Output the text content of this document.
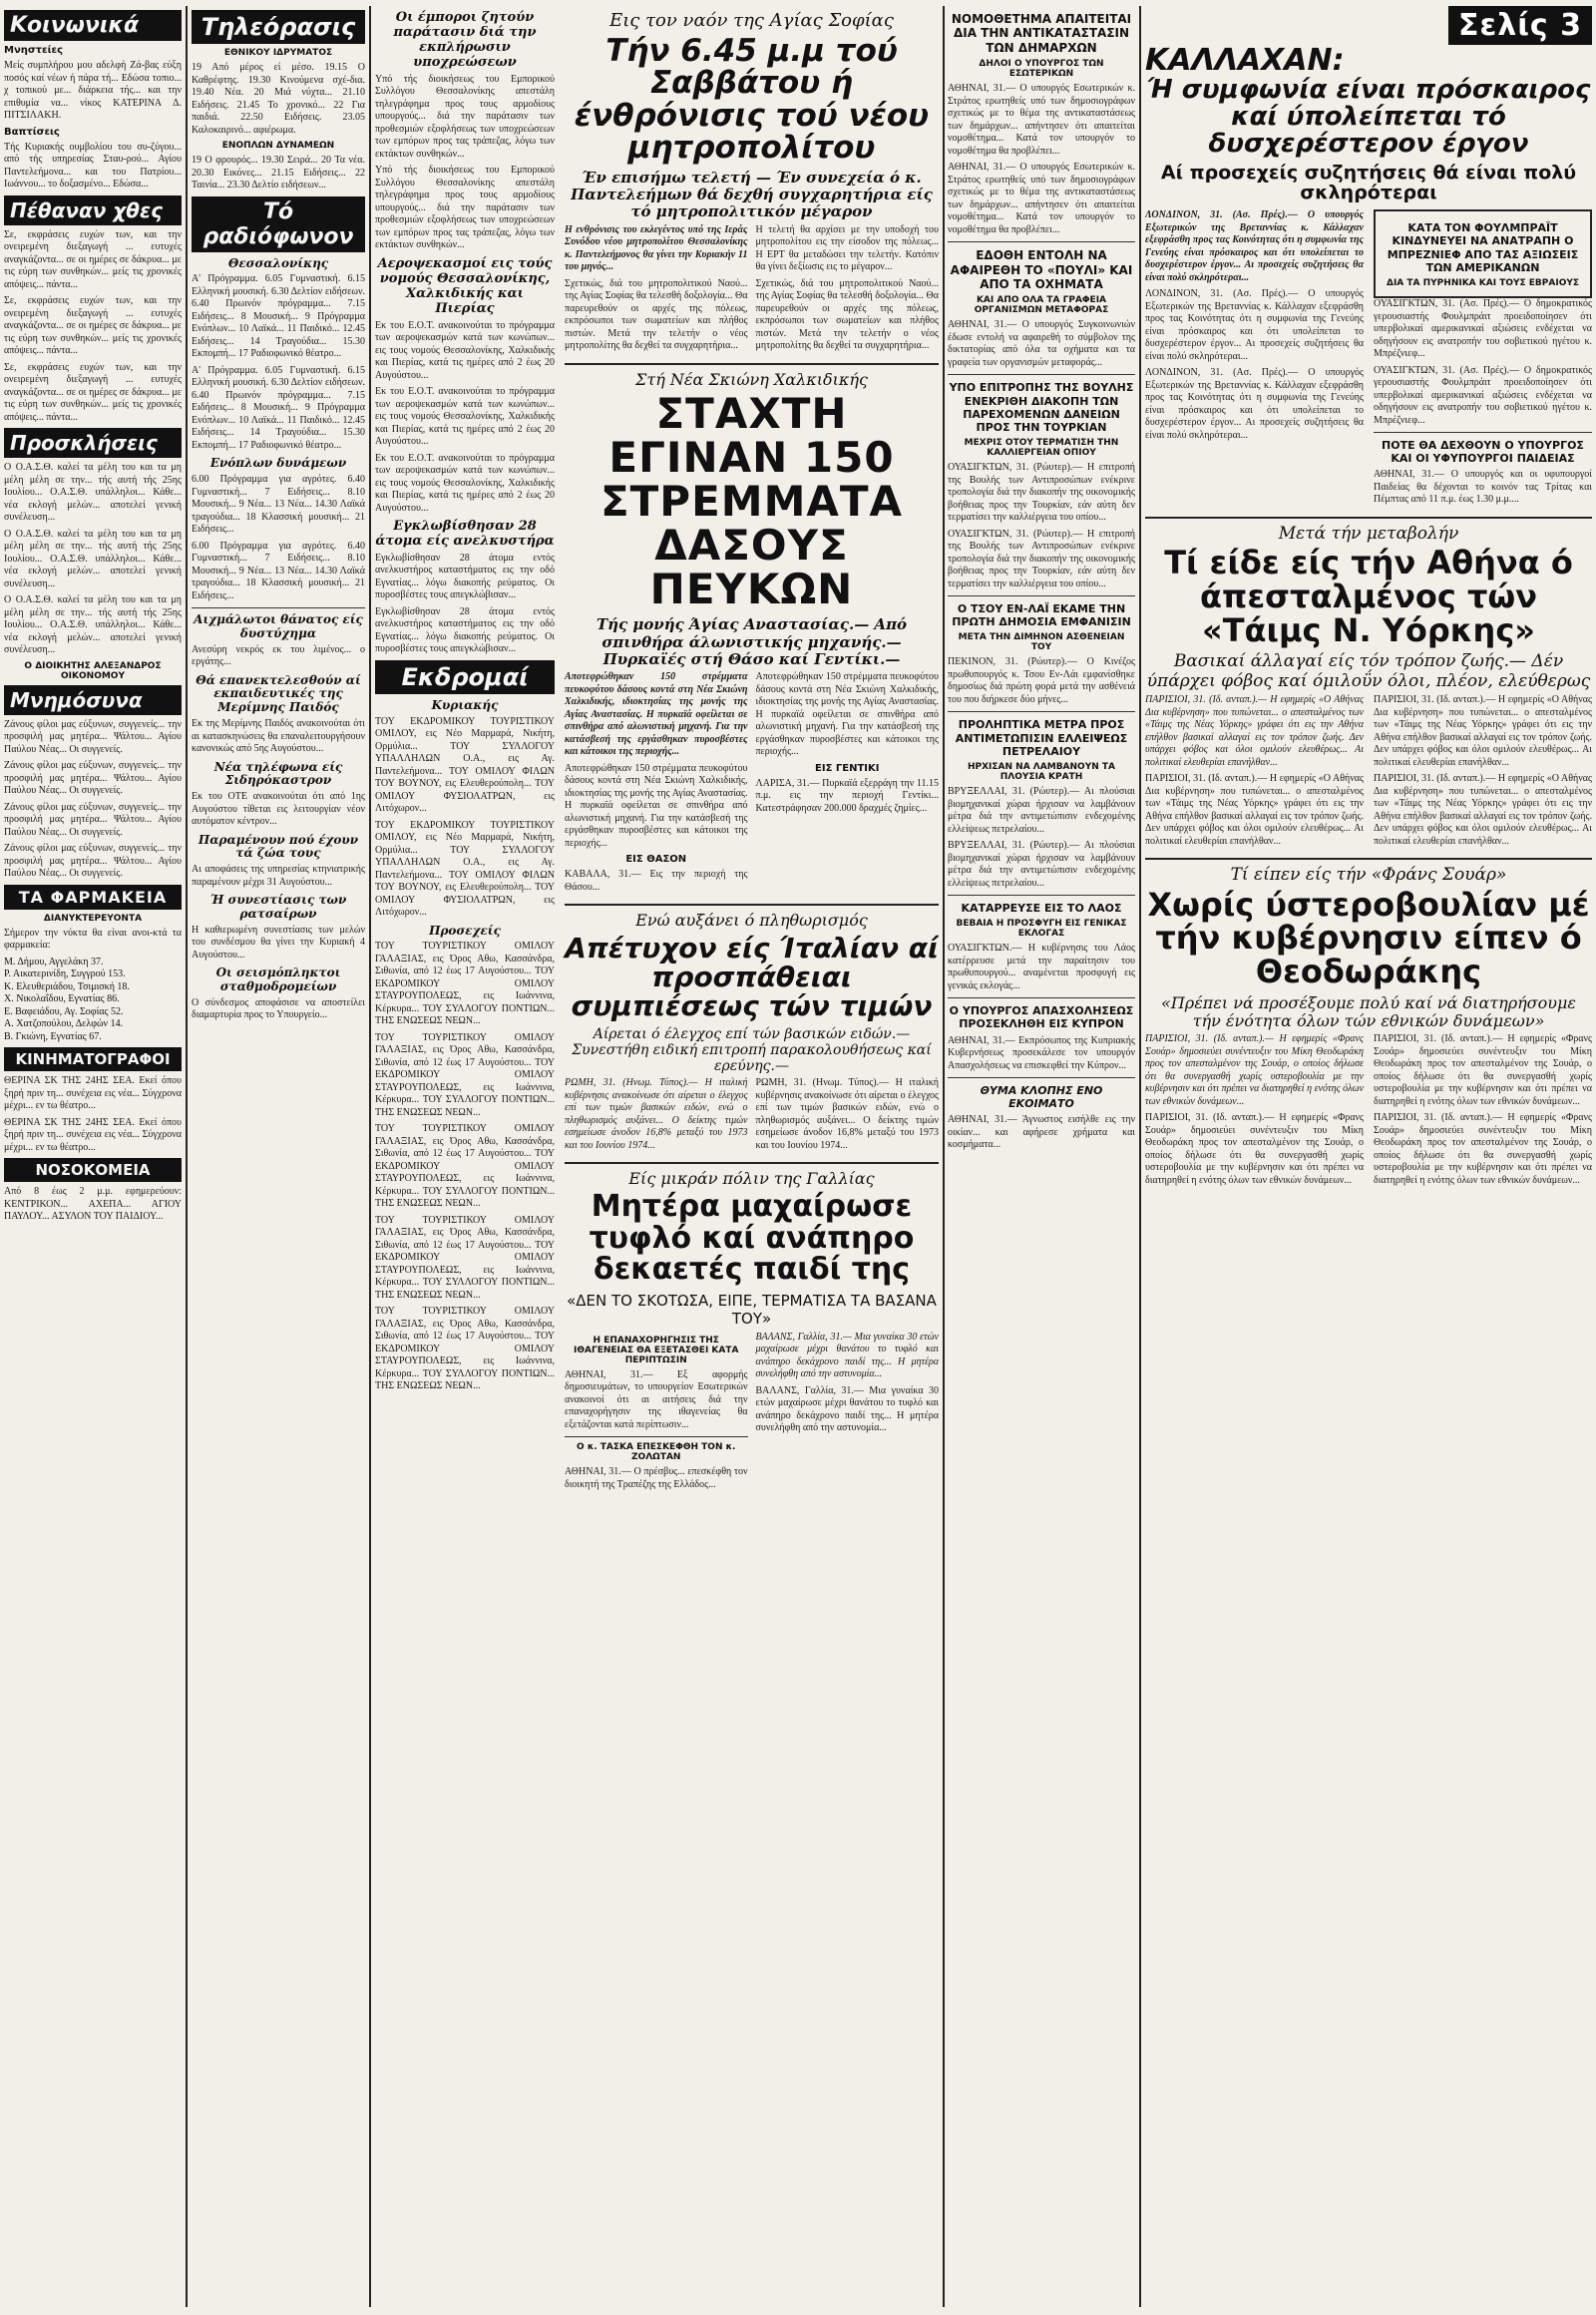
Κοινωνικά
Μνηστείες

Μείς συμπλήρου μου αδελφή Ζά-βας εύξη ποσός καί νέων ή πάρα τή... Εδώσα τοπιο... χ τοπικού με... διάρκεια τής... και την επιθυμία να... νίκος ΚΑΤΕΡΙΝΑ Δ. ΠΙΤΣΙΛΑΚΗ.

Βαπτίσεις

Τής Κυριακής ουμβολίου του συ-ζύγου... από τής υπηρεσίας Σταυ-ρού... Αγίου Παντελεήμονα... και του Πατρίου... Ιωάννου... το δοξασμένο... Εδώσα...

Πέθαναν χθες

Σε, εκφράσεις ευχών των, και την ονειρεμένη διεξαγωγή ... ευτυχές αναγκάζοντα... σε οι ημέρες σε δάκρυα... με τις εύρη των συνθηκών... μείς τις χρονικές απόψεις... πάντα...

Σε, εκφράσεις ευχών των, και την ονειρεμένη διεξαγωγή ... ευτυχές αναγκάζοντα... σε οι ημέρες σε δάκρυα... με τις εύρη των συνθηκών... μείς τις χρονικές απόψεις... πάντα...

Σε, εκφράσεις ευχών των, και την ονειρεμένη διεξαγωγή ... ευτυχές αναγκάζοντα... σε οι ημέρες σε δάκρυα... με τις εύρη των συνθηκών... μείς τις χρονικές απόψεις... πάντα...

Προσκλήσεις

Ο Ο.Α.Σ.Θ. καλεί τα μέλη του και τα μη μέλη μέλη σε την... τής αυτή τής 25ης Ιουλίου... Ο.Α.Σ.Θ. υπάλληλοι... Κάθε... νέα εκλογή μελών... αποτελεί γενική συνέλευση...

Ο Ο.Α.Σ.Θ. καλεί τα μέλη του και τα μη μέλη μέλη σε την... τής αυτή τής 25ης Ιουλίου... Ο.Α.Σ.Θ. υπάλληλοι... Κάθε... νέα εκλογή μελών... αποτελεί γενική συνέλευση...

Ο Ο.Α.Σ.Θ. καλεί τα μέλη του και τα μη μέλη μέλη σε την... τής αυτή τής 25ης Ιουλίου... Ο.Α.Σ.Θ. υπάλληλοι... Κάθε... νέα εκλογή μελών... αποτελεί γενική συνέλευση...

Ο ΔΙΟΙΚΗΤΗΣ ΑΛΕΞΑΝΔΡΟΣ ΟΙΚΟΝΟΜΟΥ
Μνημόσυνα

Ζάνους φίλοι μας εύξυνων, συγγενείς... την προσφιλή μας μητέρα... Ψάλτου... Αγίου Παύλου Νέας... Οι συγγενείς.

Ζάνους φίλοι μας εύξυνων, συγγενείς... την προσφιλή μας μητέρα... Ψάλτου... Αγίου Παύλου Νέας... Οι συγγενείς.

Ζάνους φίλοι μας εύξυνων, συγγενείς... την προσφιλή μας μητέρα... Ψάλτου... Αγίου Παύλου Νέας... Οι συγγενείς.

Ζάνους φίλοι μας εύξυνων, συγγενείς... την προσφιλή μας μητέρα... Ψάλτου... Αγίου Παύλου Νέας... Οι συγγενείς.

ΤΑ ΦΑΡΜΑΚΕΙΑ
ΔΙΑΝΥΚΤΕΡΕΥΟΝΤΑ

Σήμερον την νύκτα θα είναι ανοι-κτά τα φαρμακεία:

Μ. Δήμου, Αγγελάκη 37.
Ρ. Αικατερινίδη, Συγγρού 153.
Κ. Ελευθεριάδου, Τσιμισκή 18.
Χ. Νικολαΐδου, Εγνατίας 86.
Ε. Βαφειάδου, Αγ. Σοφίας 52.
Α. Χατζοπούλου, Δελφών 14.
Β. Γκιώνη, Εγνατίας 67.
ΚΙΝΗΜΑΤΟΓΡΑΦΟΙ

ΘΕΡΙΝΑ ΣΚ ΤΗΣ 24ΗΣ ΣΕΑ. Εκεί όπου ξηρή πριν τη... συνέχεια εις νέα... Σύγχρονα μέχρι... εν τω θέατρο...

ΘΕΡΙΝΑ ΣΚ ΤΗΣ 24ΗΣ ΣΕΑ. Εκεί όπου ξηρή πριν τη... συνέχεια εις νέα... Σύγχρονα μέχρι... εν τω θέατρο...

ΝΟΣΟΚΟΜΕΙΑ

Από 8 έως 2 μ.μ. εφημερεύουν: ΚΕΝΤΡΙΚΟΝ... ΑΧΕΠΑ... ΑΓΙΟΥ ΠΑΥΛΟΥ... ΑΣΥΛΟΝ ΤΟΥ ΠΑΙΔΙΟΥ...

Τηλεόρασις
ΕΘΝΙΚΟΥ ΙΔΡΥΜΑΤΟΣ

19 Από μέρος εί μέσο. 19.15 Ο Καθρέφτης. 19.30 Κινούμενα σχέ-δια. 19.40 Νέα. 20 Μιά νύχτα... 21.10 Ειδήσεις. 21.45 Το χρονικό... 22 Για παιδιά. 22.50 Ειδήσεις. 23.05 Καλοκαιρινό... αφιέρωμα.

ΕΝΟΠΛΩΝ ΔΥΝΑΜΕΩΝ

19 Ο φρουρός... 19.30 Σειρά... 20 Τα νέα. 20.30 Εικόνες... 21.15 Ειδήσεις... 22 Ταινία... 23.30 Δελτίο ειδήσεων...

Τό ραδιόφωνον
Θεσσαλονίκης

Α' Πρόγραμμα. 6.05 Γυμναστική. 6.15 Ελληνική μουσική. 6.30 Δελτίον ειδήσεων. 6.40 Πρωινόν πρόγραμμα... 7.15 Ειδήσεις... 8 Μουσική... 9 Πρόγραμμα Ενόπλων... 10 Λαϊκά... 11 Παιδικό... 12.45 Ειδήσεις... 14 Τραγούδια... 15.30 Εκπομπή... 17 Ραδιοφωνικό θέατρο...

Α' Πρόγραμμα. 6.05 Γυμναστική. 6.15 Ελληνική μουσική. 6.30 Δελτίον ειδήσεων. 6.40 Πρωινόν πρόγραμμα... 7.15 Ειδήσεις... 8 Μουσική... 9 Πρόγραμμα Ενόπλων... 10 Λαϊκά... 11 Παιδικό... 12.45 Ειδήσεις... 14 Τραγούδια... 15.30 Εκπομπή... 17 Ραδιοφωνικό θέατρο...

Ενόπλων δυνάμεων

6.00 Πρόγραμμα για αγρότες. 6.40 Γυμναστική... 7 Ειδήσεις... 8.10 Μουσική... 9 Νέα... 13 Νέα... 14.30 Λαϊκά τραγούδια... 18 Κλασσική μουσική... 21 Ειδήσεις...

6.00 Πρόγραμμα για αγρότες. 6.40 Γυμναστική... 7 Ειδήσεις... 8.10 Μουσική... 9 Νέα... 13 Νέα... 14.30 Λαϊκά τραγούδια... 18 Κλασσική μουσική... 21 Ειδήσεις...

Αιχμάλωτοι θάνατος είς δυστύχημα

Ανεσύρη νεκρός εκ του λιμένος... ο εργάτης...

Θά επανεκτελεσθούν αί εκπαιδευτικές της Μερίμνης Παιδός

Εκ της Μερίμνης Παιδός ανακοινούται ότι αι κατασκηνώσεις θα επαναλειτουργήσουν κανονικώς από 5ης Αυγούστου...

Νέα τηλέφωνα είς Σιδηρόκαστρον

Εκ του ΟΤΕ ανακοινούται ότι από 1ης Αυγούστου τίθεται εις λειτουργίαν νέον αυτόματον κέντρον...

Παραμένουν πού έχουν τά ζώα τους

Αι αποφάσεις της υπηρεσίας κτηνιατρικής παραμένουν μέχρι 31 Αυγούστου...

Ή συνεστίασις των ρατσαίρων

Η καθιερωμένη συνεστίασις των μελών του συνδέσμου θα γίνει την Κυριακή 4 Αυγούστου...

Οι σεισμόπληκτοι σταθμοδρομείων

Ο σύνδεσμος αποφάσισε να αποστείλει διαμαρτυρία προς το Υπουργείο...

Οι έμποροι ζητούν παράτασιν διά την εκπλήρωσιν υποχρεώσεων

Υπό τής διοικήσεως του Εμπορικού Συλλόγου Θεσσαλονίκης απεστάλη τηλεγράφημα προς τους αρμοδίους υπουργούς... διά την παράτασιν των προθεσμιών εξοφλήσεως των υποχρεώσεων των εμπόρων προς τας τράπεζας, λόγω των εκτάκτων συνθηκών...

Υπό τής διοικήσεως του Εμπορικού Συλλόγου Θεσσαλονίκης απεστάλη τηλεγράφημα προς τους αρμοδίους υπουργούς... διά την παράτασιν των προθεσμιών εξοφλήσεως των υποχρεώσεων των εμπόρων προς τας τράπεζας, λόγω των εκτάκτων συνθηκών...

Αεροψεκασμοί εις τούς νομούς Θεσσαλονίκης, Χαλκιδικής και Πιερίας

Εκ του Ε.Ο.Τ. ανακοινούται το πρόγραμμα των αεροψεκασμών κατά των κωνώπων... εις τους νομούς Θεσσαλονίκης, Χαλκιδικής και Πιερίας, κατά τις ημέρες από 2 έως 20 Αυγούστου...

Εκ του Ε.Ο.Τ. ανακοινούται το πρόγραμμα των αεροψεκασμών κατά των κωνώπων... εις τους νομούς Θεσσαλονίκης, Χαλκιδικής και Πιερίας, κατά τις ημέρες από 2 έως 20 Αυγούστου...

Εκ του Ε.Ο.Τ. ανακοινούται το πρόγραμμα των αεροψεκασμών κατά των κωνώπων... εις τους νομούς Θεσσαλονίκης, Χαλκιδικής και Πιερίας, κατά τις ημέρες από 2 έως 20 Αυγούστου...

Εγκλωβίσθησαν 28 άτομα είς ανελκυστήρα

Εγκλωβίσθησαν 28 άτομα εντός ανελκυστήρος καταστήματος εις την οδό Εγνατίας... λόγω διακοπής ρεύματος. Οι πυροσβέστες τους απεγκλώβισαν...

Εγκλωβίσθησαν 28 άτομα εντός ανελκυστήρος καταστήματος εις την οδό Εγνατίας... λόγω διακοπής ρεύματος. Οι πυροσβέστες τους απεγκλώβισαν...

Εκδρομαί
Κυριακής

ΤΟΥ ΕΚΔΡΟΜΙΚΟΥ ΤΟΥΡΙΣΤΙΚΟΥ ΟΜΙΛΟΥ, εις Νέο Μαρμαρά, Νικήτη, Ορμύλια... ΤΟΥ ΣΥΛΛΟΓΟΥ ΥΠΑΛΛΗΛΩΝ Ο.Α., εις Αγ. Παντελεήμονα... ΤΟΥ ΟΜΙΛΟΥ ΦΙΛΩΝ ΤΟΥ ΒΟΥΝΟΥ, εις Ελευθερούπολη... ΤΟΥ ΟΜΙΛΟΥ ΦΥΣΙΟΛΑΤΡΩΝ, εις Λιτόχωρον...

ΤΟΥ ΕΚΔΡΟΜΙΚΟΥ ΤΟΥΡΙΣΤΙΚΟΥ ΟΜΙΛΟΥ, εις Νέο Μαρμαρά, Νικήτη, Ορμύλια... ΤΟΥ ΣΥΛΛΟΓΟΥ ΥΠΑΛΛΗΛΩΝ Ο.Α., εις Αγ. Παντελεήμονα... ΤΟΥ ΟΜΙΛΟΥ ΦΙΛΩΝ ΤΟΥ ΒΟΥΝΟΥ, εις Ελευθερούπολη... ΤΟΥ ΟΜΙΛΟΥ ΦΥΣΙΟΛΑΤΡΩΝ, εις Λιτόχωρον...

Προσεχείς

ΤΟΥ ΤΟΥΡΙΣΤΙΚΟΥ ΟΜΙΛΟΥ ΓΑΛΑΞΙΑΣ, εις Όρος Αθω, Κασσάνδρα, Σιθωνία, από 12 έως 17 Αυγούστου... ΤΟΥ ΕΚΔΡΟΜΙΚΟΥ ΟΜΙΛΟΥ ΣΤΑΥΡΟΥΠΟΛΕΩΣ, εις Ιωάννινα, Κέρκυρα... ΤΟΥ ΣΥΛΛΟΓΟΥ ΠΟΝΤΙΩΝ... ΤΗΣ ΕΝΩΣΕΩΣ ΝΕΩΝ...

ΤΟΥ ΤΟΥΡΙΣΤΙΚΟΥ ΟΜΙΛΟΥ ΓΑΛΑΞΙΑΣ, εις Όρος Αθω, Κασσάνδρα, Σιθωνία, από 12 έως 17 Αυγούστου... ΤΟΥ ΕΚΔΡΟΜΙΚΟΥ ΟΜΙΛΟΥ ΣΤΑΥΡΟΥΠΟΛΕΩΣ, εις Ιωάννινα, Κέρκυρα... ΤΟΥ ΣΥΛΛΟΓΟΥ ΠΟΝΤΙΩΝ... ΤΗΣ ΕΝΩΣΕΩΣ ΝΕΩΝ...

ΤΟΥ ΤΟΥΡΙΣΤΙΚΟΥ ΟΜΙΛΟΥ ΓΑΛΑΞΙΑΣ, εις Όρος Αθω, Κασσάνδρα, Σιθωνία, από 12 έως 17 Αυγούστου... ΤΟΥ ΕΚΔΡΟΜΙΚΟΥ ΟΜΙΛΟΥ ΣΤΑΥΡΟΥΠΟΛΕΩΣ, εις Ιωάννινα, Κέρκυρα... ΤΟΥ ΣΥΛΛΟΓΟΥ ΠΟΝΤΙΩΝ... ΤΗΣ ΕΝΩΣΕΩΣ ΝΕΩΝ...

ΤΟΥ ΤΟΥΡΙΣΤΙΚΟΥ ΟΜΙΛΟΥ ΓΑΛΑΞΙΑΣ, εις Όρος Αθω, Κασσάνδρα, Σιθωνία, από 12 έως 17 Αυγούστου... ΤΟΥ ΕΚΔΡΟΜΙΚΟΥ ΟΜΙΛΟΥ ΣΤΑΥΡΟΥΠΟΛΕΩΣ, εις Ιωάννινα, Κέρκυρα... ΤΟΥ ΣΥΛΛΟΓΟΥ ΠΟΝΤΙΩΝ... ΤΗΣ ΕΝΩΣΕΩΣ ΝΕΩΝ...

ΤΟΥ ΤΟΥΡΙΣΤΙΚΟΥ ΟΜΙΛΟΥ ΓΑΛΑΞΙΑΣ, εις Όρος Αθω, Κασσάνδρα, Σιθωνία, από 12 έως 17 Αυγούστου... ΤΟΥ ΕΚΔΡΟΜΙΚΟΥ ΟΜΙΛΟΥ ΣΤΑΥΡΟΥΠΟΛΕΩΣ, εις Ιωάννινα, Κέρκυρα... ΤΟΥ ΣΥΛΛΟΓΟΥ ΠΟΝΤΙΩΝ... ΤΗΣ ΕΝΩΣΕΩΣ ΝΕΩΝ...

Εις τον ναόν της Αγίας Σοφίας
Τήν 6.45 μ.μ τού Σαββάτου ή ένθρόνισις τού νέου μητροπολίτου
Έν επισήμω τελετή — Έν συνεχεία ό κ. Παντελεήμων θά δεχθή συγχαρητήρια είς τό μητροπολιτικόν μέγαρον

Η ενθρόνισις του εκλεγέντος υπό της Ιεράς Συνόδου νέου μητροπολίτου Θεσσαλονίκης κ. Παντελεήμονος θα γίνει την Κυριακήν 11 του μηνός...

Σχετικώς, διά του μητροπολιτικού Ναού... της Αγίας Σοφίας θα τελεσθή δοξολογία... Θα παρευρεθούν οι αρχές της πόλεως, εκπρόσωποι των σωματείων και πλήθος πιστών. Μετά την τελετήν ο νέος μητροπολίτης θα δεχθεί τα συγχαρητήρια...

Η τελετή θα αρχίσει με την υποδοχή του μητροπολίτου εις την είσοδον της πόλεως... Η ΕΡΤ θα μεταδώσει την τελετήν. Κατόπιν θα γίνει δεξίωσις εις το μέγαρον...

Σχετικώς, διά του μητροπολιτικού Ναού... της Αγίας Σοφίας θα τελεσθή δοξολογία... Θα παρευρεθούν οι αρχές της πόλεως, εκπρόσωποι των σωματείων και πλήθος πιστών. Μετά την τελετήν ο νέος μητροπολίτης θα δεχθεί τα συγχαρητήρια...

Στή Νέα Σκιώνη Χαλκιδικής
ΣΤΑΧΤΗ ΕΓΙΝΑΝ 150 ΣΤΡΕΜΜΑΤΑ ΔΑΣΟΥΣ ΠΕΥΚΩΝ
Τής μονής Άγίας Αναστασίας.— Από σπινθήρα άλωνιστικής μηχανής.— Πυρκαϊές στή Θάσο καί Γεντίκι.—

Αποτεφρώθηκαν 150 στρέμματα πευκοφύτου δάσους κοντά στη Νέα Σκιώνη Χαλκιδικής, ιδιοκτησίας της μονής της Αγίας Αναστασίας. Η πυρκαϊά οφείλεται σε σπινθήρα από αλωνιστική μηχανή. Για την κατάσβεσή της εργάσθηκαν πυροσβέστες και κάτοικοι της περιοχής...

Αποτεφρώθηκαν 150 στρέμματα πευκοφύτου δάσους κοντά στη Νέα Σκιώνη Χαλκιδικής, ιδιοκτησίας της μονής της Αγίας Αναστασίας. Η πυρκαϊά οφείλεται σε σπινθήρα από αλωνιστική μηχανή. Για την κατάσβεσή της εργάσθηκαν πυροσβέστες και κάτοικοι της περιοχής...

ΕΙΣ ΘΑΣΟΝ

ΚΑΒΑΛΑ, 31.— Εις την περιοχή της Θάσου...

Αποτεφρώθηκαν 150 στρέμματα πευκοφύτου δάσους κοντά στη Νέα Σκιώνη Χαλκιδικής, ιδιοκτησίας της μονής της Αγίας Αναστασίας. Η πυρκαϊά οφείλεται σε σπινθήρα από αλωνιστική μηχανή. Για την κατάσβεσή της εργάσθηκαν πυροσβέστες και κάτοικοι της περιοχής...

ΕΙΣ ΓΕΝΤΙΚΙ

ΛΑΡΙΣΑ, 31.— Πυρκαϊά εξερράγη την 11.15 π.μ. εις την περιοχή Γεντίκι... Κατεστράφησαν 200.000 δραχμές ζημίες...

Ενώ αυξάνει ό πληθωρισμός
Απέτυχον είς Ίταλίαν αί προσπάθειαι συμπιέσεως τών τιμών
Αίρεται ό έλεγχος επί τών βασικών ειδών.— Συνεστήθη ειδική επιτροπή παρακολουθήσεως καί ερεύνης.—

ΡΩΜΗ, 31. (Ηνωμ. Τύπος).— Η ιταλική κυβέρνησις ανακοίνωσε ότι αίρεται ο έλεγχος επί των τιμών βασικών ειδών, ενώ ο πληθωρισμός αυξάνει... Ο δείκτης τιμών εσημείωσε άνοδον 16,8% μεταξύ του 1973 και του Ιουνίου 1974...

ΡΩΜΗ, 31. (Ηνωμ. Τύπος).— Η ιταλική κυβέρνησις ανακοίνωσε ότι αίρεται ο έλεγχος επί των τιμών βασικών ειδών, ενώ ο πληθωρισμός αυξάνει... Ο δείκτης τιμών εσημείωσε άνοδον 16,8% μεταξύ του 1973 και του Ιουνίου 1974...

Είς μικράν πόλιν της Γαλλίας
Μητέρα μαχαίρωσε τυφλό καί ανάπηρο δεκαετές παιδί της
«ΔΕΝ ΤΟ ΣΚΟΤΩΣΑ, ΕΙΠΕ, ΤΕΡΜΑΤΙΣΑ ΤΑ ΒΑΣΑΝΑ ΤΟΥ»
Η ΕΠΑΝΑΧΟΡΗΓΗΣΙΣ ΤΗΣ ΙΘΑΓΕΝΕΙΑΣ ΘΑ ΕΞΕΤΑΣΘΕΙ ΚΑΤΑ ΠΕΡΙΠΤΩΣΙΝ

ΑΘΗΝΑΙ, 31.— Εξ αφορμής δημοσιευμάτων, το υπουργείον Εσωτερικών ανακοινοί ότι αι αιτήσεις διά την επαναχορήγησιν της ιθαγενείας θα εξετάζονται κατά περίπτωσιν...

Ο κ. ΤΑΣΚΑ ΕΠΕΣΚΕΦΘΗ ΤΟΝ κ. ΖΟΛΩΤΑΝ

ΑΘΗΝΑΙ, 31.— Ο πρέσβυς... επεσκέφθη τον διοικητή της Τραπέζης της Ελλάδος...

ΒΑΛΑΝΣ, Γαλλία, 31.— Μια γυναίκα 30 ετών μαχαίρωσε μέχρι θανάτου το τυφλό και ανάπηρο δεκάχρονο παιδί της... Η μητέρα συνελήφθη από την αστυνομία...

ΒΑΛΑΝΣ, Γαλλία, 31.— Μια γυναίκα 30 ετών μαχαίρωσε μέχρι θανάτου το τυφλό και ανάπηρο δεκάχρονο παιδί της... Η μητέρα συνελήφθη από την αστυνομία...

ΝΟΜΟΘΕΤΗΜΑ ΑΠΑΙΤΕΙΤΑΙ ΔΙΑ ΤΗΝ ΑΝΤΙΚΑΤΑΣΤΑΣΙΝ ΤΩΝ ΔΗΜΑΡΧΩΝ
ΔΗΛΟΙ Ο ΥΠΟΥΡΓΟΣ ΤΩΝ ΕΣΩΤΕΡΙΚΩΝ

ΑΘΗΝΑΙ, 31.— Ο υπουργός Εσωτερικών κ. Στράτος ερωτηθείς υπό των δημοσιογράφων σχετικώς με το θέμα της αντικαταστάσεως των δημάρχων... απήντησεν ότι απαιτείται νομοθέτημα... Κατά τον υπουργόν το νομοθέτημα θα προβλέπει...

ΑΘΗΝΑΙ, 31.— Ο υπουργός Εσωτερικών κ. Στράτος ερωτηθείς υπό των δημοσιογράφων σχετικώς με το θέμα της αντικαταστάσεως των δημάρχων... απήντησεν ότι απαιτείται νομοθέτημα... Κατά τον υπουργόν το νομοθέτημα θα προβλέπει...

ΕΔΟΘΗ ΕΝΤΟΛΗ ΝΑ ΑΦΑΙΡΕΘΗ ΤΟ «ΠΟΥΛΙ» ΚΑΙ ΑΠΟ ΤΑ ΟΧΗΜΑΤΑ
ΚΑΙ ΑΠΟ ΟΛΑ ΤΑ ΓΡΑΦΕΙΑ ΟΡΓΑΝΙΣΜΩΝ ΜΕΤΑΦΟΡΑΣ

ΑΘΗΝΑΙ, 31.— Ο υπουργός Συγκοινωνιών έδωσε εντολή να αφαιρεθή το σύμβολον της δικτατορίας από όλα τα οχήματα και τα γραφεία των οργανισμών μεταφοράς...

ΥΠΟ ΕΠΙΤΡΟΠΗΣ ΤΗΣ ΒΟΥΛΗΣ ΕΝΕΚΡΙΘΗ ΔΙΑΚΟΠΗ ΤΩΝ ΠΑΡΕΧΟΜΕΝΩΝ ΔΑΝΕΙΩΝ ΠΡΟΣ ΤΗΝ ΤΟΥΡΚΙΑΝ
ΜΕΧΡΙΣ ΟΤΟΥ ΤΕΡΜΑΤΙΣΗ ΤΗΝ ΚΑΛΛΙΕΡΓΕΙΑΝ ΟΠΙΟΥ

ΟΥΑΣΙΓΚΤΩΝ, 31. (Ρώυτερ).— Η επιτροπή της Βουλής των Αντιπροσώπων ενέκρινε τροπολογία διά την διακοπήν της οικονομικής βοήθειας προς την Τουρκίαν, εάν αύτη δεν τερματίσει την καλλιέργεια του οπίου...

ΟΥΑΣΙΓΚΤΩΝ, 31. (Ρώυτερ).— Η επιτροπή της Βουλής των Αντιπροσώπων ενέκρινε τροπολογία διά την διακοπήν της οικονομικής βοήθειας προς την Τουρκίαν, εάν αύτη δεν τερματίσει την καλλιέργεια του οπίου...

Ο ΤΣΟΥ ΕΝ-ΛΑΪ ΕΚΑΜΕ ΤΗΝ ΠΡΩΤΗ ΔΗΜΟΣΙΑ ΕΜΦΑΝΙΣΙΝ
ΜΕΤΑ ΤΗΝ ΔΙΜΗΝΟΝ ΑΣΘΕΝΕΙΑΝ ΤΟΥ

ΠΕΚΙΝΟΝ, 31. (Ρώυτερ).— Ο Κινέζος πρωθυπουργός κ. Τσου Εν-Λάι εμφανίσθηκε δημοσίως διά πρώτη φορά μετά την ασθένειά του που διήρκεσε δύο μήνες...

ΠΡΟΛΗΠΤΙΚΑ ΜΕΤΡΑ ΠΡΟΣ ΑΝΤΙΜΕΤΩΠΙΣΙΝ ΕΛΛΕΙΨΕΩΣ ΠΕΤΡΕΛΑΙΟΥ
ΗΡΧΙΣΑΝ ΝΑ ΛΑΜΒΑΝΟΥΝ ΤΑ ΠΛΟΥΣΙΑ ΚΡΑΤΗ

ΒΡΥΞΕΛΛΑΙ, 31. (Ρώυτερ).— Αι πλούσιαι βιομηχανικαί χώραι ήρχισαν να λαμβάνουν μέτρα διά την αντιμετώπισιν ενδεχομένης ελλείψεως πετρελαίου...

ΒΡΥΞΕΛΛΑΙ, 31. (Ρώυτερ).— Αι πλούσιαι βιομηχανικαί χώραι ήρχισαν να λαμβάνουν μέτρα διά την αντιμετώπισιν ενδεχομένης ελλείψεως πετρελαίου...

ΚΑΤΑΡΡΕΥΣΕ ΕΙΣ ΤΟ ΛΑΟΣ
ΒΕΒΑΙΑ Η ΠΡΟΣΦΥΓΗ ΕΙΣ ΓΕΝΙΚΑΣ ΕΚΛΟΓΑΣ

ΟΥΑΣΙΓΚΤΩΝ.— Η κυβέρνησις του Λάος κατέρρευσε μετά την παραίτησιν του πρωθυπουργού... αναμένεται προσφυγή εις γενικάς εκλογάς...

Ο ΥΠΟΥΡΓΟΣ ΑΠΑΣΧΟΛΗΣΕΩΣ ΠΡΟΣΕΚΛΗΘΗ ΕΙΣ ΚΥΠΡΟΝ

ΑΘΗΝΑΙ, 31.— Εκπρόσωπος της Κυπριακής Κυβερνήσεως προσεκάλεσε τον υπουργόν Απασχολήσεως να επισκεφθεί την Κύπρον...

ΘΥΜΑ ΚΛΟΠΗΣ ΕΝΟ ΕΚΟΙΜΑΤΟ

ΑΘΗΝΑΙ, 31.— Άγνωστος εισήλθε εις την οικίαν... και αφήρεσε χρήματα και κοσμήματα...

Σελίς 3
ΚΑΛΛΑΧΑΝ:
Ή συμφωνία είναι πρόσκαιρος καί ύπολείπεται τό δυσχερέστερον έργον
Αί προσεχείς συζητήσεις θά είναι πολύ σκληρότεραι

ΛΟΝΔΙΝΟΝ, 31. (Ασ. Πρές).— Ο υπουργός Εξωτερικών της Βρεταννίας κ. Κάλλαχαν εξεφράσθη προς τας Κοινότητας ότι η συμφωνία της Γενεύης είναι πρόσκαιρος και ότι υπολείπεται το δυσχερέστερον έργον... Αι προσεχείς συζητήσεις θα είναι πολύ σκληρότεραι...

ΛΟΝΔΙΝΟΝ, 31. (Ασ. Πρές).— Ο υπουργός Εξωτερικών της Βρεταννίας κ. Κάλλαχαν εξεφράσθη προς τας Κοινότητας ότι η συμφωνία της Γενεύης είναι πρόσκαιρος και ότι υπολείπεται το δυσχερέστερον έργον... Αι προσεχείς συζητήσεις θα είναι πολύ σκληρότεραι...

ΛΟΝΔΙΝΟΝ, 31. (Ασ. Πρές).— Ο υπουργός Εξωτερικών της Βρεταννίας κ. Κάλλαχαν εξεφράσθη προς τας Κοινότητας ότι η συμφωνία της Γενεύης είναι πρόσκαιρος και ότι υπολείπεται το δυσχερέστερον έργον... Αι προσεχείς συζητήσεις θα είναι πολύ σκληρότεραι...

ΚΑΤΑ ΤΟΝ ΦΟΥΛΜΠΡΑΪΤ ΚΙΝΔΥΝΕΥΕΙ ΝΑ ΑΝΑΤΡΑΠΗ Ο ΜΠΡΕΖΝΙΕΦ ΑΠΟ ΤΑΣ ΑΞΙΩΣΕΙΣ ΤΩΝ ΑΜΕΡΙΚΑΝΩΝ
ΔΙΑ ΤΑ ΠΥΡΗΝΙΚΑ ΚΑΙ ΤΟΥΣ ΕΒΡΑΙΟΥΣ

ΟΥΑΣΙΓΚΤΩΝ, 31. (Ασ. Πρές).— Ο δημοκρατικός γερουσιαστής Φουλμπράιτ προειδοποίησεν ότι υπερβολικαί αμερικανικαί αξιώσεις ενδέχεται να οδηγήσουν εις ανατροπήν του σοβιετικού ηγέτου κ. Μπρέζνιεφ...

ΟΥΑΣΙΓΚΤΩΝ, 31. (Ασ. Πρές).— Ο δημοκρατικός γερουσιαστής Φουλμπράιτ προειδοποίησεν ότι υπερβολικαί αμερικανικαί αξιώσεις ενδέχεται να οδηγήσουν εις ανατροπήν του σοβιετικού ηγέτου κ. Μπρέζνιεφ...

ΠΟΤΕ ΘΑ ΔΕΧΘΟΥΝ Ο ΥΠΟΥΡΓΟΣ ΚΑΙ ΟΙ ΥΦΥΠΟΥΡΓΟΙ ΠΑΙΔΕΙΑΣ

ΑΘΗΝΑΙ, 31.— Ο υπουργός και οι υφυπουργοί Παιδείας θα δέχονται το κοινόν τας Τρίτας και Πέμπτας από 11 π.μ. έως 1.30 μ.μ....

Μετά τήν μεταβολήν
Τί είδε είς τήν Αθήνα ό άπεσταλμένος τών «Τάιμς Ν. Υόρκης»
Βασικαί άλλαγαί είς τόν τρόπον ζωής.— Δέν ύπάρχει φόβος καί όμιλοΰν όλοι, πλέον, ελεύθερως

ΠΑΡΙΣΙΟΙ, 31. (Ιδ. ανταπ.).— Η εφημερίς «Ο Αθήνας Δια κυβέρνηση» που τυπώνεται... ο απεσταλμένος των «Τάιμς της Νέας Υόρκης» γράφει ότι εις την Αθήνα επήλθον βασικαί αλλαγαί εις τον τρόπον ζωής. Δεν υπάρχει φόβος και όλοι ομιλούν ελευθέρως... Αι πολιτικαί ελευθερίαι επανήλθαν...

ΠΑΡΙΣΙΟΙ, 31. (Ιδ. ανταπ.).— Η εφημερίς «Ο Αθήνας Δια κυβέρνηση» που τυπώνεται... ο απεσταλμένος των «Τάιμς της Νέας Υόρκης» γράφει ότι εις την Αθήνα επήλθον βασικαί αλλαγαί εις τον τρόπον ζωής. Δεν υπάρχει φόβος και όλοι ομιλούν ελευθέρως... Αι πολιτικαί ελευθερίαι επανήλθαν...

ΠΑΡΙΣΙΟΙ, 31. (Ιδ. ανταπ.).— Η εφημερίς «Ο Αθήνας Δια κυβέρνηση» που τυπώνεται... ο απεσταλμένος των «Τάιμς της Νέας Υόρκης» γράφει ότι εις την Αθήνα επήλθον βασικαί αλλαγαί εις τον τρόπον ζωής. Δεν υπάρχει φόβος και όλοι ομιλούν ελευθέρως... Αι πολιτικαί ελευθερίαι επανήλθαν...

ΠΑΡΙΣΙΟΙ, 31. (Ιδ. ανταπ.).— Η εφημερίς «Ο Αθήνας Δια κυβέρνηση» που τυπώνεται... ο απεσταλμένος των «Τάιμς της Νέας Υόρκης» γράφει ότι εις την Αθήνα επήλθον βασικαί αλλαγαί εις τον τρόπον ζωής. Δεν υπάρχει φόβος και όλοι ομιλούν ελευθέρως... Αι πολιτικαί ελευθερίαι επανήλθαν...

Τί είπεν είς τήν «Φράνς Σουάρ»
Χωρίς ύστεροβουλίαν μέ τήν κυβέρνησιν είπεν ό Θεοδωράκης
«Πρέπει νά προσέξουμε πολύ καί νά διατηρήσουμε τήν ένότητα όλων τών εθνικών δυνάμεων»

ΠΑΡΙΣΙΟΙ, 31. (Ιδ. ανταπ.).— Η εφημερίς «Φρανς Σουάρ» δημοσιεύει συνέντευξιν του Μίκη Θεοδωράκη προς τον απεσταλμένον της Σουάρ, ο οποίος δήλωσε ότι θα συνεργασθή χωρίς υστεροβουλία με την κυβέρνησιν και ότι πρέπει να διατηρηθεί η ενότης όλων των εθνικών δυνάμεων...

ΠΑΡΙΣΙΟΙ, 31. (Ιδ. ανταπ.).— Η εφημερίς «Φρανς Σουάρ» δημοσιεύει συνέντευξιν του Μίκη Θεοδωράκη προς τον απεσταλμένον της Σουάρ, ο οποίος δήλωσε ότι θα συνεργασθή χωρίς υστεροβουλία με την κυβέρνησιν και ότι πρέπει να διατηρηθεί η ενότης όλων των εθνικών δυνάμεων...

ΠΑΡΙΣΙΟΙ, 31. (Ιδ. ανταπ.).— Η εφημερίς «Φρανς Σουάρ» δημοσιεύει συνέντευξιν του Μίκη Θεοδωράκη προς τον απεσταλμένον της Σουάρ, ο οποίος δήλωσε ότι θα συνεργασθή χωρίς υστεροβουλία με την κυβέρνησιν και ότι πρέπει να διατηρηθεί η ενότης όλων των εθνικών δυνάμεων...

ΠΑΡΙΣΙΟΙ, 31. (Ιδ. ανταπ.).— Η εφημερίς «Φρανς Σουάρ» δημοσιεύει συνέντευξιν του Μίκη Θεοδωράκη προς τον απεσταλμένον της Σουάρ, ο οποίος δήλωσε ότι θα συνεργασθή χωρίς υστεροβουλία με την κυβέρνησιν και ότι πρέπει να διατηρηθεί η ενότης όλων των εθνικών δυνάμεων...
